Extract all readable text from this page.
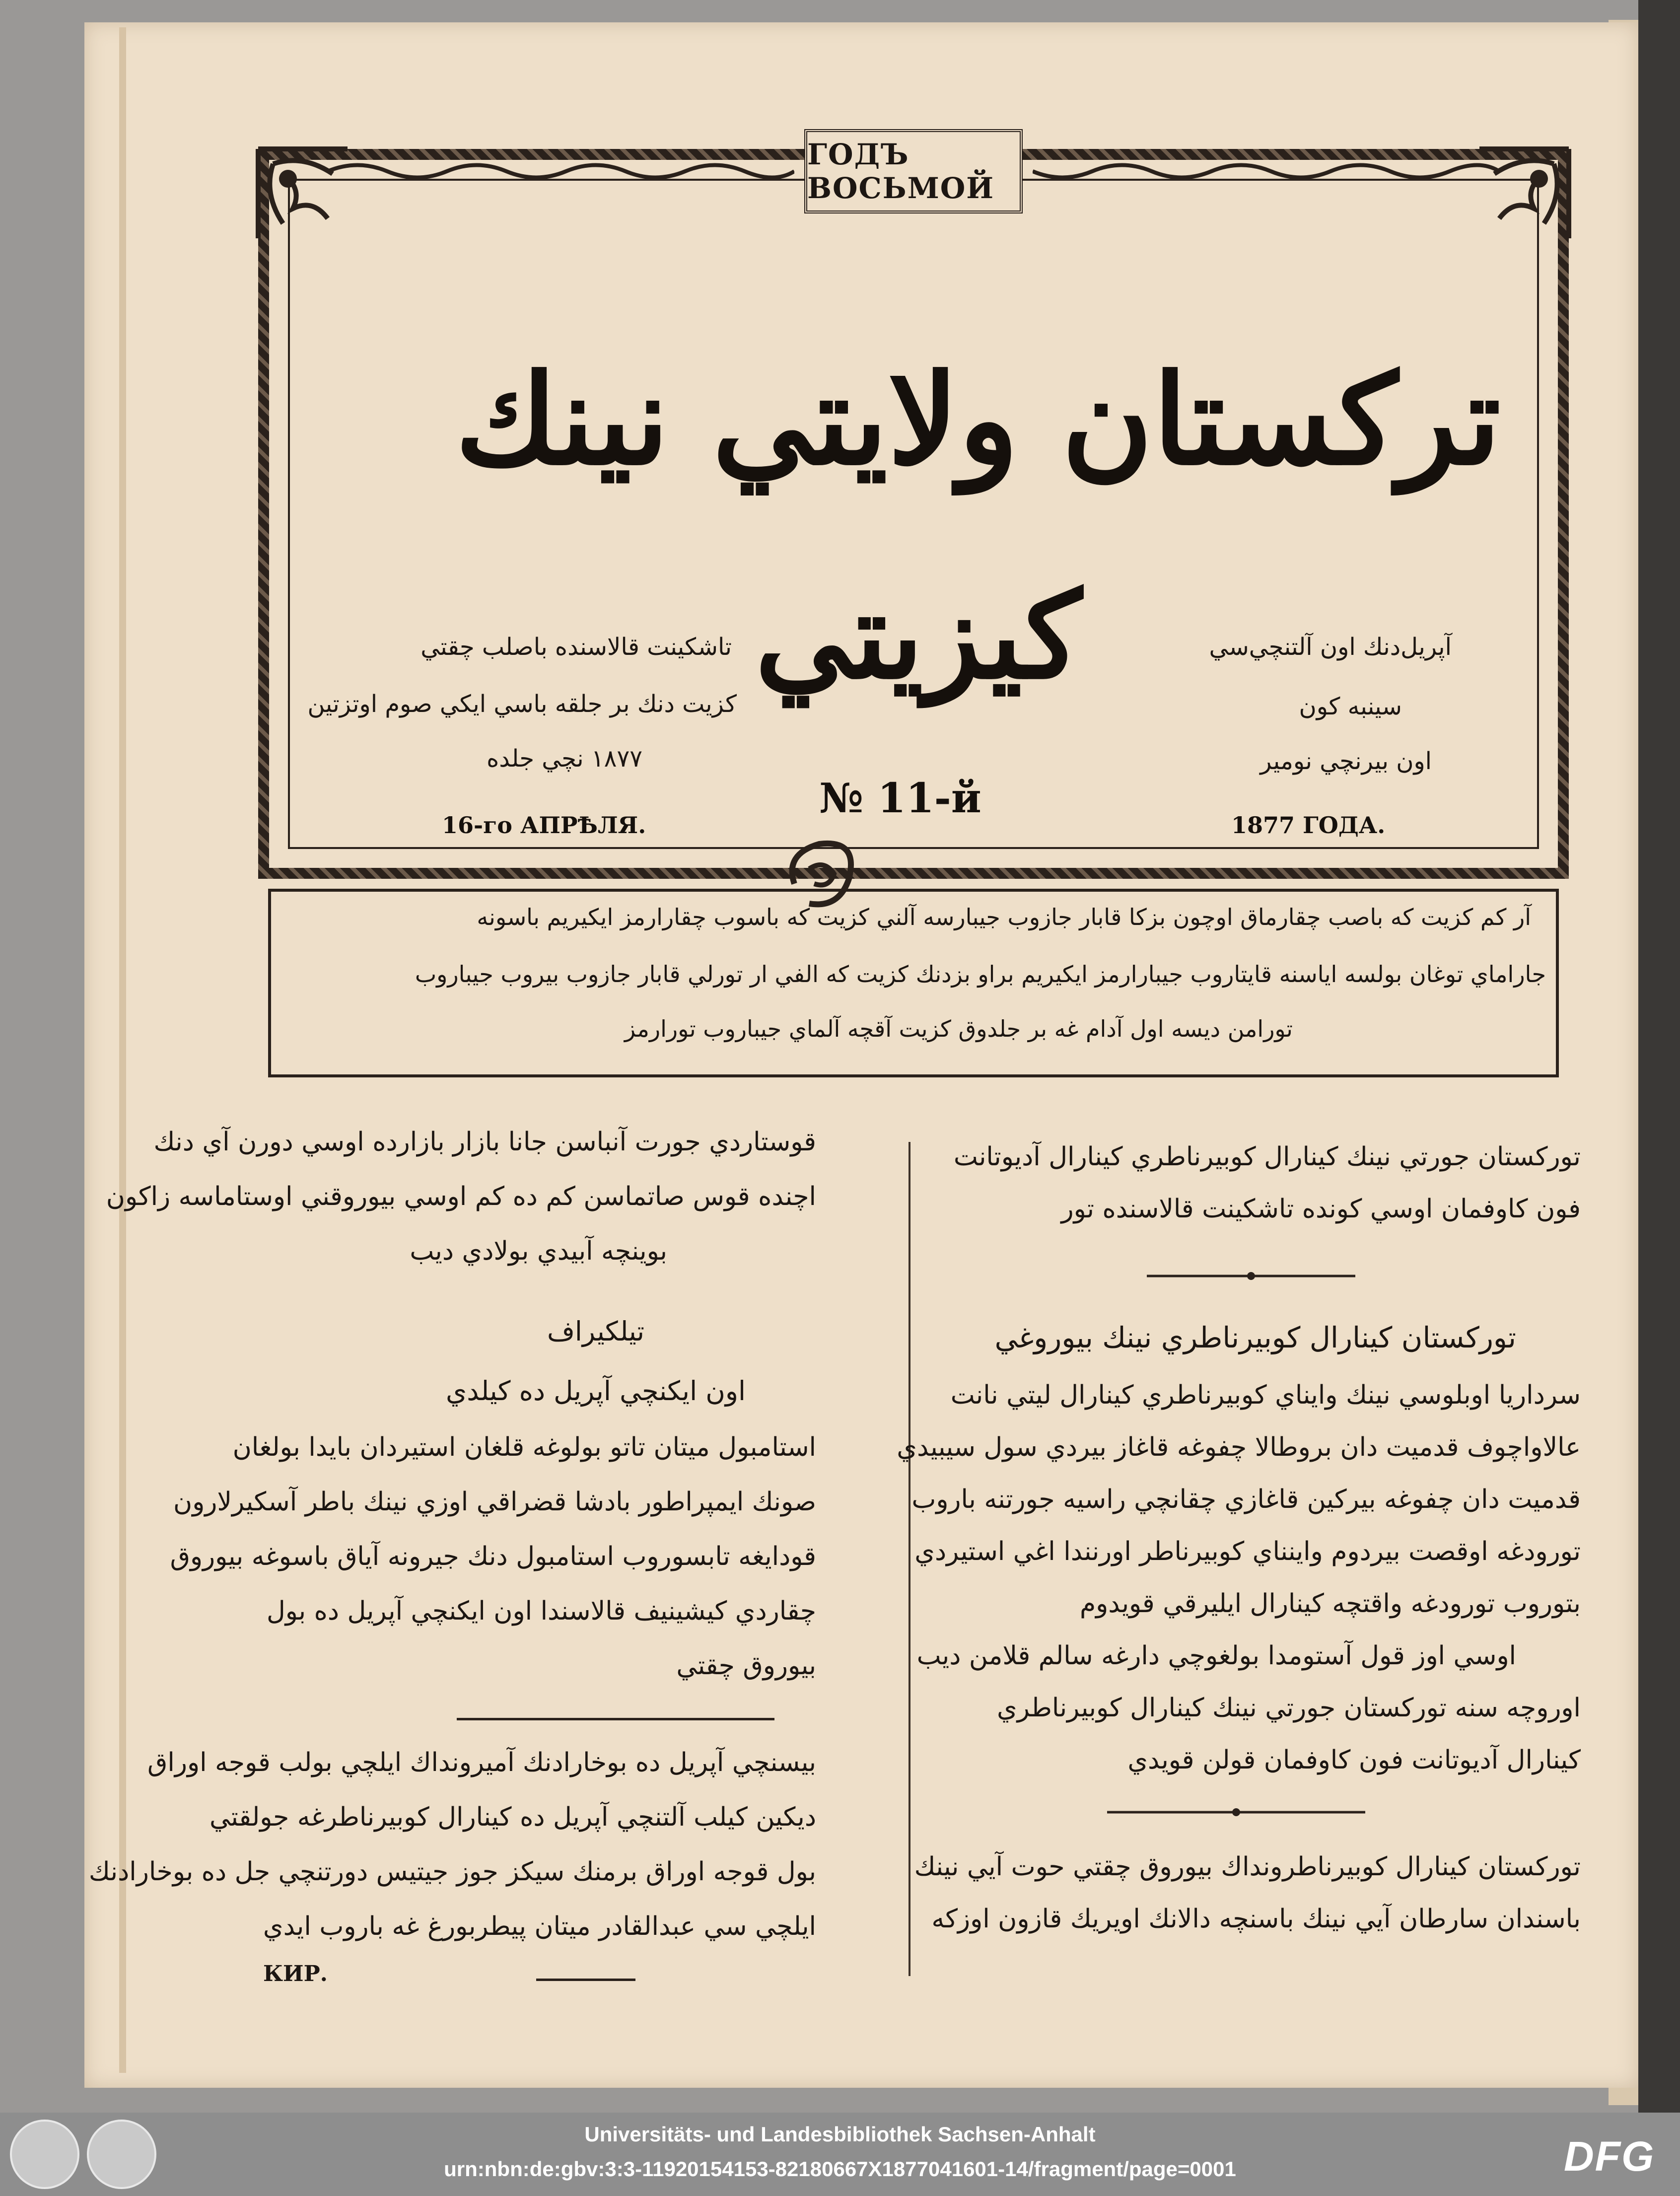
ГОДЪ ВОСЬМОЙ
تركستان ولايتي نينك
كيزيتي	آپريل‌دنك اون آلتنچي‌سي
سينبه كون
اون بيرنچي نومير
تاشكينت قالاسنده باصلب چقتي
كزيت دنك بر جلقه باسي ايكي صوم اوتزتين
١٨٧٧ نچي جلده
16-го АПРѢЛЯ.
№ 11-й
1877 ГОДА.
آر كم كزيت كه باصب چقارماق اوچون بزكا قابار جازوب جيبارسه آلني كزيت كه باسوب چقارارمز ايكيريم باسونه
جاراماي توغان بولسه اياسنه قايتاروب جيبارارمز ايكيريم براو بزدنك كزيت كه الفي ار تورلي قابار جازوب بيروب جيباروب
تورامن ديسه اول آدام غه بر جلدوق كزيت آقچه آلماي جيباروب تورارمز
توركستان جورتي نينك كينارال كوبيرناطري كينارال آديوتانت
فون كاوفمان اوسي كونده تاشكينت قالاسنده تور
توركستان كينارال كوبيرناطري نينك بيوروغي
سرداريا اوبلوسي نينك وايناي كوبيرناطري كينارال ليتي نانت
عالاواچوف قدميت دان بروطالا چفوغه قاغاز بيردي سول سيبيدي
قدميت دان چفوغه بيركين قاغازي چقانچي راسيه جورتنه باروب
تورودغه اوقصت بيردوم واينناي كوبيرناطر اورنندا اغي استيردي
بتوروب تورودغه واقتچه كينارال ايليرقي قويدوم
اوسي اوز قول آستومدا بولغوچي دارغه سالم قلامن ديب
اوروچه سنه توركستان جورتي نينك كينارال كوبيرناطري
كينارال آديوتانت فون كاوفمان قولن قويدي
توركستان كينارال كوبيرناطرونداك بيوروق چقتي حوت آيي نينك
باسندان سارطان آيي نينك باسنچه دالانك اويريك قازون اوزكه
قوستاردي جورت آنباسن جانا بازار بازارده اوسي دورن آي دنك
اچنده قوس صاتماسن كم ده كم اوسي بيوروقني اوستاماسه زاكون
بوينچه آبيدي بولادي ديب
تيلكيراف
اون ايكنچي آپريل ده كيلدي
استامبول ميتان تاتو بولوغه قلغان استيردان بايدا بولغان
صونك ايمپراطور بادشا قضراقي اوزي نينك باطر آسكيرلارون
قودايغه تابسوروب استامبول دنك جيرونه آياق باسوغه بيوروق
چقاردي كيشينيف قالاسندا اون ايكنچي آپريل ده بول
بيوروق چقتي
بيسنچي آپريل ده بوخارادنك آميرونداك ايلچي بولب قوجه اوراق
ديكين كيلب آلتنچي آپريل ده كينارال كوبيرناطرغه جولقتي
بول قوجه اوراق برمنك سيكز جوز جيتيس دورتنچي جل ده بوخارادنك
ايلچي سي عبدالقادر ميتان پيطربورغ غه باروب ايدي
КИР.
Universitäts- und Landesbibliothek Sachsen-Anhalt
urn:nbn:de:gbv:3:3-11920154153-82180667X1877041601-14/fragment/page=0001	DFG
